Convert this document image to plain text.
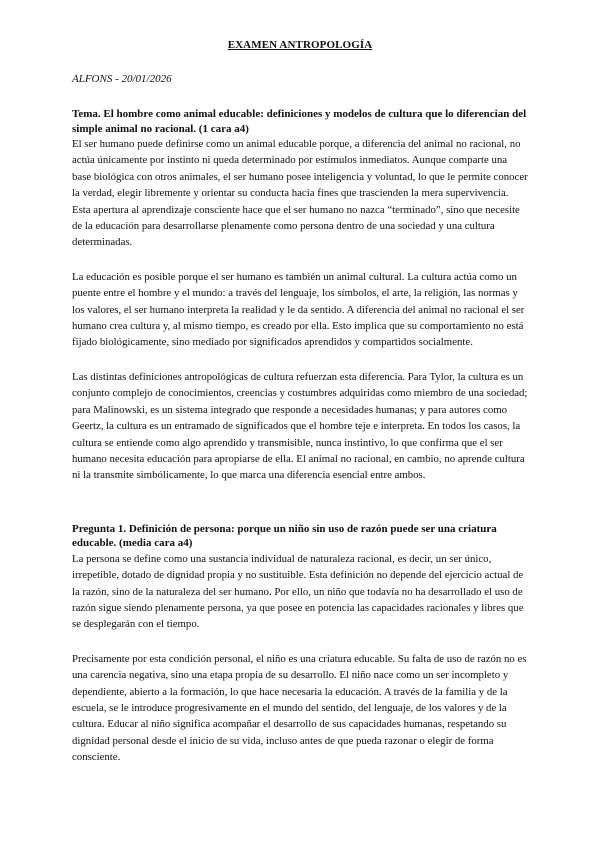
EXAMEN ANTROPOLOGÍA

ALFONS - 20/01/2026

Tema. El hombre como animal educable: definiciones y modelos de cultura que lo diferencian del simple animal no racional. (1 cara a4)

El ser humano puede definirse como un animal educable porque, a diferencia del animal no racional, no actúa únicamente por instinto ni queda determinado por estímulos inmediatos. Aunque comparte una base biológica con otros animales, el ser humano posee inteligencia y voluntad, lo que le permite conocer la verdad, elegir libremente y orientar su conducta hacia fines que trascienden la mera supervivencia. Esta apertura al aprendizaje consciente hace que el ser humano no nazca “terminado”, sino que necesite de la educación para desarrollarse plenamente como persona dentro de una sociedad y una cultura determinadas.

La educación es posible porque el ser humano es también un animal cultural. La cultura actúa como un puente entre el hombre y el mundo: a través del lenguaje, los símbolos, el arte, la religión, las normas y los valores, el ser humano interpreta la realidad y le da sentido. A diferencia del animal no racional el ser humano crea cultura y, al mismo tiempo, es creado por ella. Esto implica que su comportamiento no está fijado biológicamente, sino mediado por significados aprendidos y compartidos socialmente.

Las distintas definiciones antropológicas de cultura refuerzan esta diferencia. Para Tylor, la cultura es un conjunto complejo de conocimientos, creencias y costumbres adquiridas como miembro de una sociedad; para Malinowski, es un sistema integrado que responde a necesidades humanas; y para autores como Geertz, la cultura es un entramado de significados que el hombre teje e interpreta. En todos los casos, la cultura se entiende como algo aprendido y transmisible, nunca instintivo, lo que confirma que el ser humano necesita educación para apropiarse de ella. El animal no racional, en cambio, no aprende cultura ni la transmite simbólicamente, lo que marca una diferencia esencial entre ambos.

Pregunta 1. Definición de persona: porque un niño sin uso de razón puede ser una criatura educable. (media cara a4)

La persona se define como una sustancia individual de naturaleza racional, es decir, un ser único, irrepetible, dotado de dignidad propia y no sustituible. Esta definición no depende del ejercicio actual de la razón, sino de la naturaleza del ser humano. Por ello, un niño que todavía no ha desarrollado el uso de razón sigue siendo plenamente persona, ya que posee en potencia las capacidades racionales y libres que se desplegarán con el tiempo.

Precisamente por esta condición personal, el niño es una criatura educable. Su falta de uso de razón no es una carencia negativa, sino una etapa propia de su desarrollo. El niño nace como un ser incompleto y dependiente, abierto a la formación, lo que hace necesaria la educación. A través de la familia y de la escuela, se le introduce progresivamente en el mundo del sentido, del lenguaje, de los valores y de la cultura. Educar al niño significa acompañar el desarrollo de sus capacidades humanas, respetando su dignidad personal desde el inicio de su vida, incluso antes de que pueda razonar o elegir de forma consciente.
